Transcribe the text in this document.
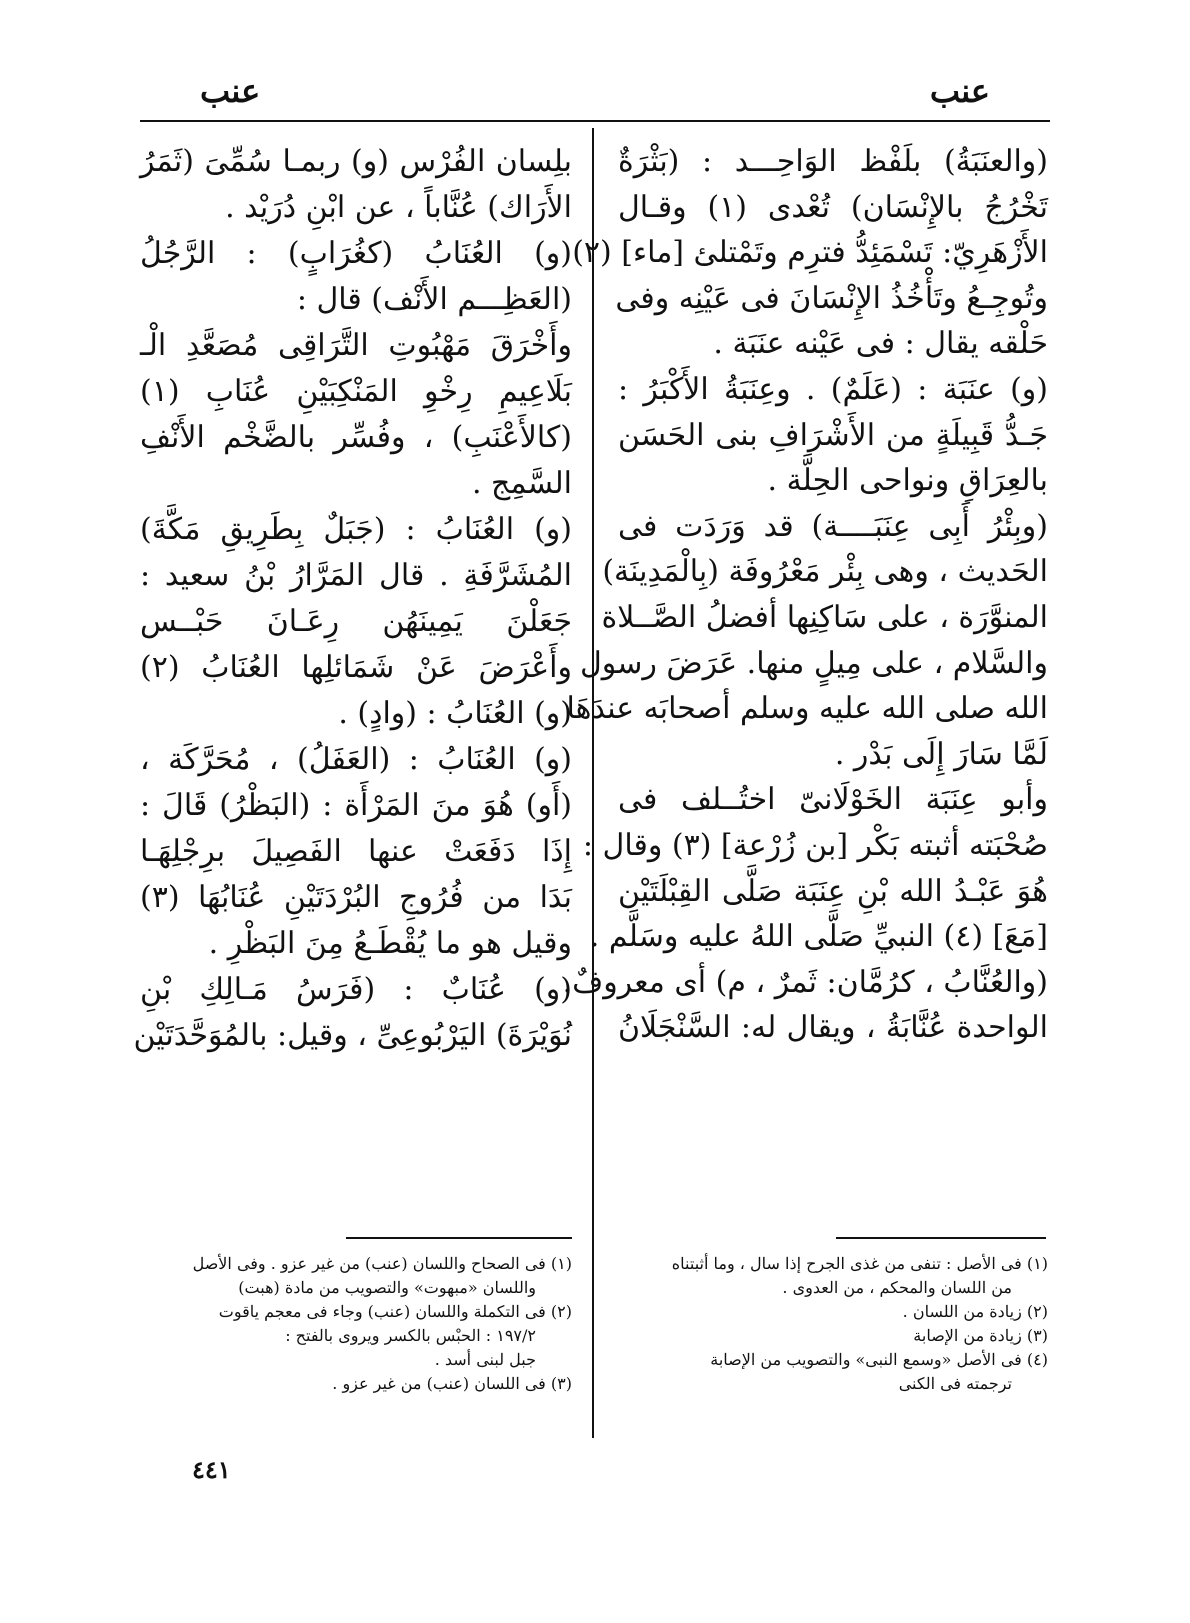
عنب
عنب
(والعنَبَةُ) بلَفْظ الوَاحِـــد : (بَثْرَةٌ
تَخْرُجُ بالإِنْسَان) تُعْدى (١) وقـال
الأَزْهَرِيّ: تَسْمَئِدُّ فترِم وتَمْتلئ [ماء] (٢)
وتُوجِـعُ وتَأْخُذُ الإِنْسَانَ فى عَيْنِه وفى
حَلْقه يقال : فى عَيْنه عنَبَة .
(و) عنَبَة : (عَلَمٌ) . وعِنَبَةُ الأَكْبَرُ :
جَـدُّ قَبِيلَةٍ من الأَشْرَافِ بنى الحَسَن
بالعِرَاقِ ونواحى الحِلَّة .
(وبِئْرُ أَبِى عِنَبَــــة) قد وَرَدَت فى
الحَديث ، وهى بِئْر مَعْرُوفَة (بِالْمَدِينَة)
المنوَّرَة ، على سَاكِنِها أفضلُ الصَّــلاة
والسَّلام ، على مِيلٍ منها. عَرَضَ رسول
الله صلى الله عليه وسلم أصحابَه عندَهَا
لَمَّا سَارَ إِلَى بَدْر .
وأبو عِنَبَة الخَوْلَانىّ اختُــلف فى
صُحْبَته أثبته بَكْر [بن زُرْعة] (٣) وقال :
هُوَ عَبْـدُ الله بْنِ عِنَبَة صَلَّى القِبْلَتَيْن
[مَعَ] (٤) النبيِّ صَلَّى اللهُ عليه وسَلَّم .
(والعُنَّابُ ، كرُمَّان: ثَمرٌ ، م) أى معروفٌ.
الواحدة عُنَّابَةُ ، ويقال له: السَّنْجَلَانُ
بلِسان الفُرْس (و) ربمـا سُمِّىَ (ثَمَرُ
الأَرَاك) عُنَّاباً ، عن ابْنِ دُرَيْد .
(و) العُنَابُ (كغُرَابٍ) : الرَّجُلُ
(العَظِـــم الأَنْف) قال :
وأَخْرَقَ مَهْبُوتِ التَّرَاقِى مُصَعَّدِ الْـ
بَلَاعِيمِ رِخْوِ المَنْكِبَيْنِ عُنَابِ (١)
(كالأَعْنَبِ) ، وفُسِّر بالضَّخْم الأَنْفِ
السَّمِج .
(و) العُنَابُ : (جَبَلٌ بِطَرِيقِ مَكَّةَ)
المُشَرَّفَةِ . قال المَرَّارُ بْنُ سعيد :
جَعَلْنَ يَمِينَهُن رِعَـانَ حَبْــس
وأَعْرَضَ عَنْ شَمَائلِها العُنَابُ (٢)
(و) العُنَابُ : (وادٍ) .
(و) العُنَابُ : (العَفَلُ) ، مُحَرَّكَة ،
(أَو) هُوَ منَ المَرْأَة : (البَظْرُ) قَالَ :
إِذَا دَفَعَتْ عنها الفَصِيلَ برِجْلِهَـا
بَدَا من فُرُوجِ البُرْدَتَيْنِ عُنَابُهَا (٣)
وقيل هو ما يُقْطَـعُ مِنَ البَظْرِ .
(و) عُنَابٌ : (فَرَسُ مَـالِكِ بْنِ
نُوَيْرَةَ) اليَرْبُوعِىِّ ، وقيل: بالمُوَحَّدَتَيْن
(١) فى الأصل : تنفى من غذى الجرح إذا سال ، وما أثبتناه
من اللسان والمحكم ، من العدوى .
(٢) زيادة من اللسان .
(٣) زيادة من الإصابة
(٤) فى الأصل «وسمع النبى» والتصويب من الإصابة
ترجمته فى الكنى
(١) فى الصحاح واللسان (عنب) من غير عزو . وفى الأصل
واللسان «مبهوت» والتصويب من مادة (هبت)
(٢) فى التكملة واللسان (عنب) وجاء فى معجم ياقوت
١٩٧/٢ : الحبْس بالكسر ويروى بالفتح :
جبل لبنى أسد .
(٣) فى اللسان (عنب) من غير عزو .
٤٤١
